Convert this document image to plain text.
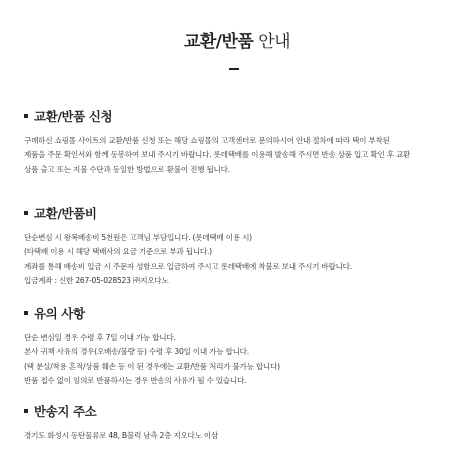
교환/반품 안내
교환/반품 신청
구매하신 쇼핑몰 사이트의 교환/반품 신청 또는 해당 쇼핑몰의 고객센터로 문의하시어 안내 절차에 따라 택이 부착된
제품을 주문 확인서와 함께 동봉하여 보내 주시기 바랍니다. 롯데택배를 이용해 발송해 주시면 반송 상품 입고 확인 후 교환
상품 출고 또는 지불 수단과 동일한 방법으로 환불이 진행 됩니다.
교환/반품비
단순변심 시 왕복배송비 5천원은 고객님 부담입니다. (롯데택배 이용 시)
(타택배 이용 시 해당 택배사의 요금 기준으로 부과 됩니다.)
계좌를 통해 배송비 입금 시 주문자 성함으로 입금하여 주시고 롯데택배에 착불로 보내 주시기 바랍니다.
입금계좌 : 신한 267-05-028523 ㈜지오다노
유의 사항
단순 변심일 경우 수령 후 7일 이내 가능 합니다.
본사 귀책 사유의 경우(오배송/불량 등) 수령 후 30일 이내 가능 합니다.
(택 분실/착용 흔적/상품 훼손 등 이 된 경우에는 교환/반품 처리가 불가능 합니다)
반품 접수 없이 임의로 반품하시는 경우 반송의 사유가 될 수 있습니다.
반송지 주소
경기도 화성시 동탄물류로 48, B블럭 남측 2층 지오다노 이삼
